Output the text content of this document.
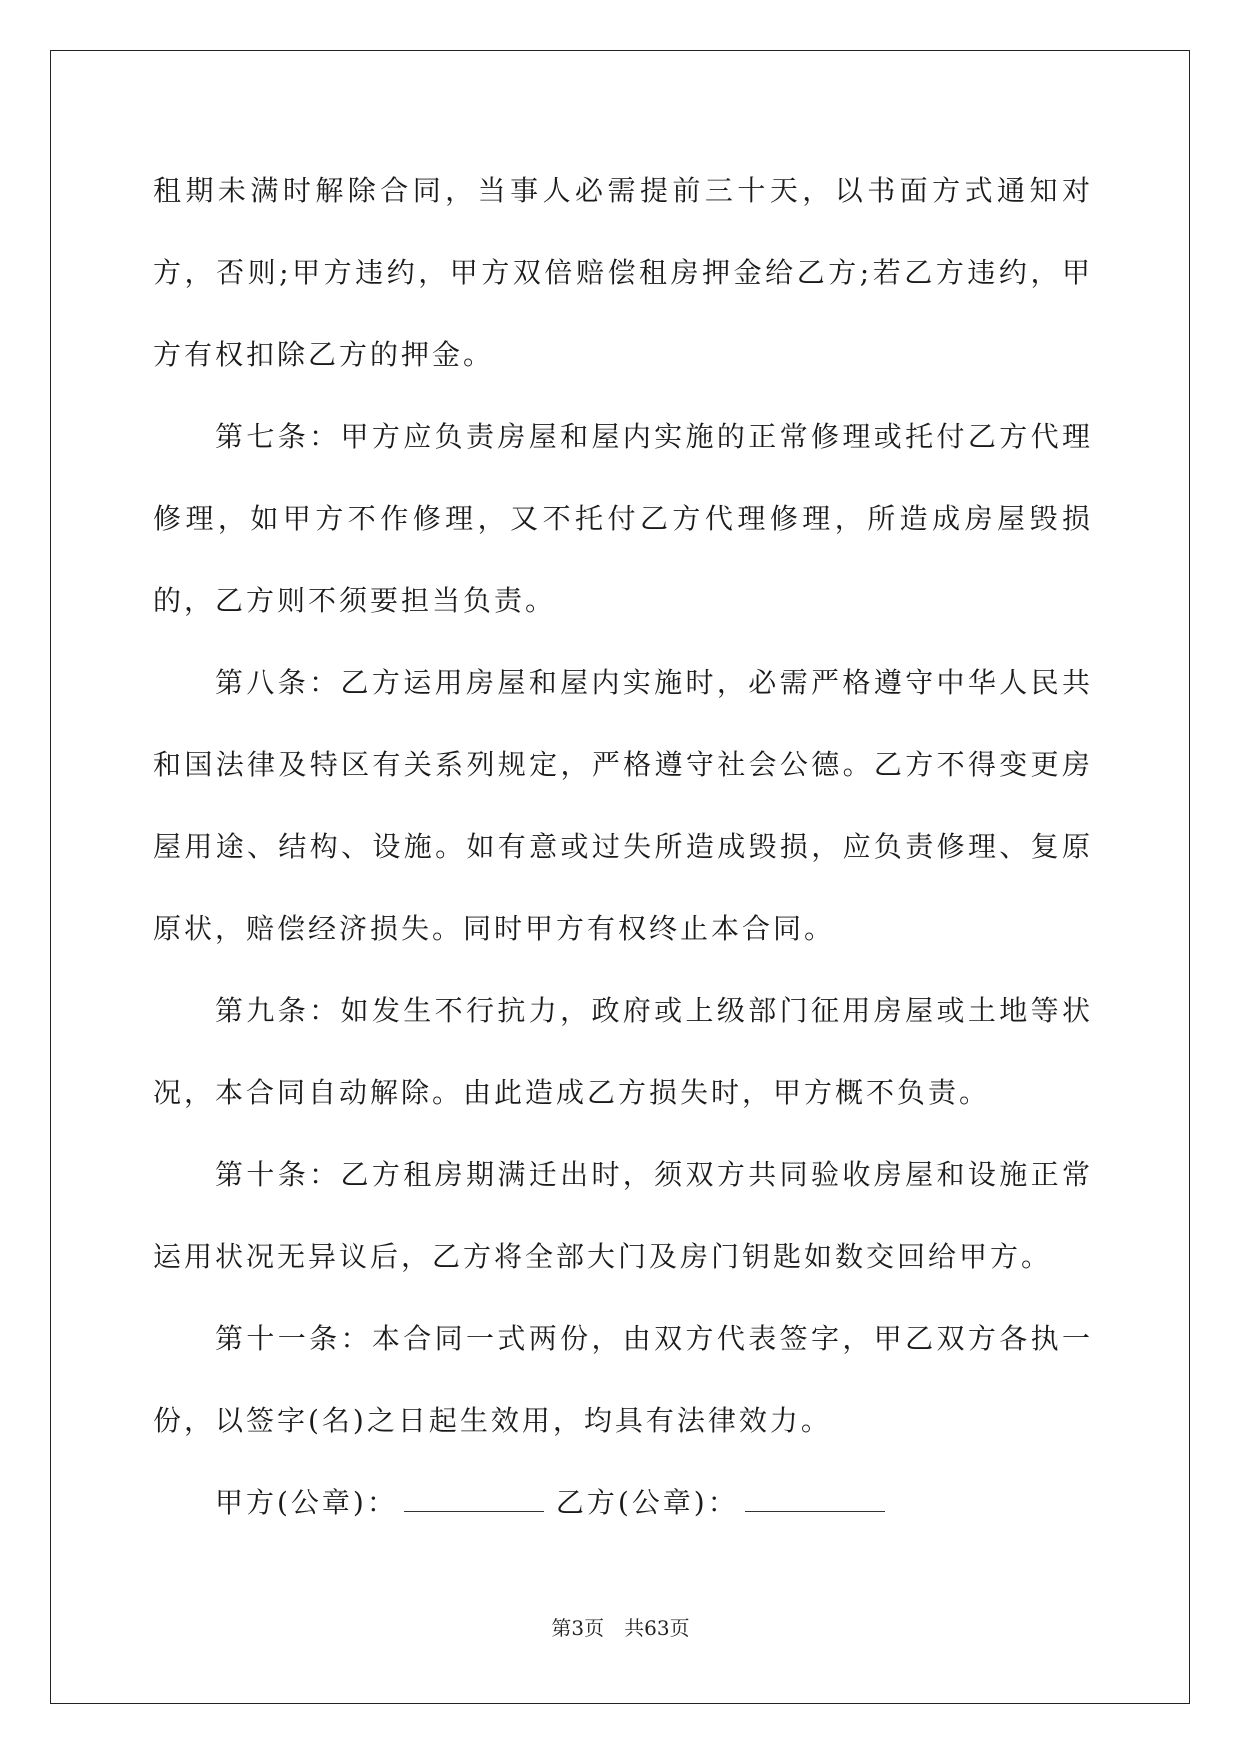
租期未满时解除合同，当事人必需提前三十天，以书面方式通知对方，否则;甲方违约，甲方双倍赔偿租房押金给乙方;若乙方违约，甲方有权扣除乙方的押金。

第七条：甲方应负责房屋和屋内实施的正常修理或托付乙方代理修理，如甲方不作修理，又不托付乙方代理修理，所造成房屋毁损的，乙方则不须要担当负责。

第八条：乙方运用房屋和屋内实施时，必需严格遵守中华人民共和国法律及特区有关系列规定，严格遵守社会公德。乙方不得变更房屋用途、结构、设施。如有意或过失所造成毁损，应负责修理、复原原状，赔偿经济损失。同时甲方有权终止本合同。

第九条：如发生不行抗力，政府或上级部门征用房屋或土地等状况，本合同自动解除。由此造成乙方损失时，甲方概不负责。

第十条：乙方租房期满迁出时，须双方共同验收房屋和设施正常运用状况无异议后，乙方将全部大门及房门钥匙如数交回给甲方。

第十一条：本合同一式两份，由双方代表签字，甲乙双方各执一份，以签字(名)之日起生效用，均具有法律效力。

甲方(公章)：	乙方(公章)：

第3页　共63页
